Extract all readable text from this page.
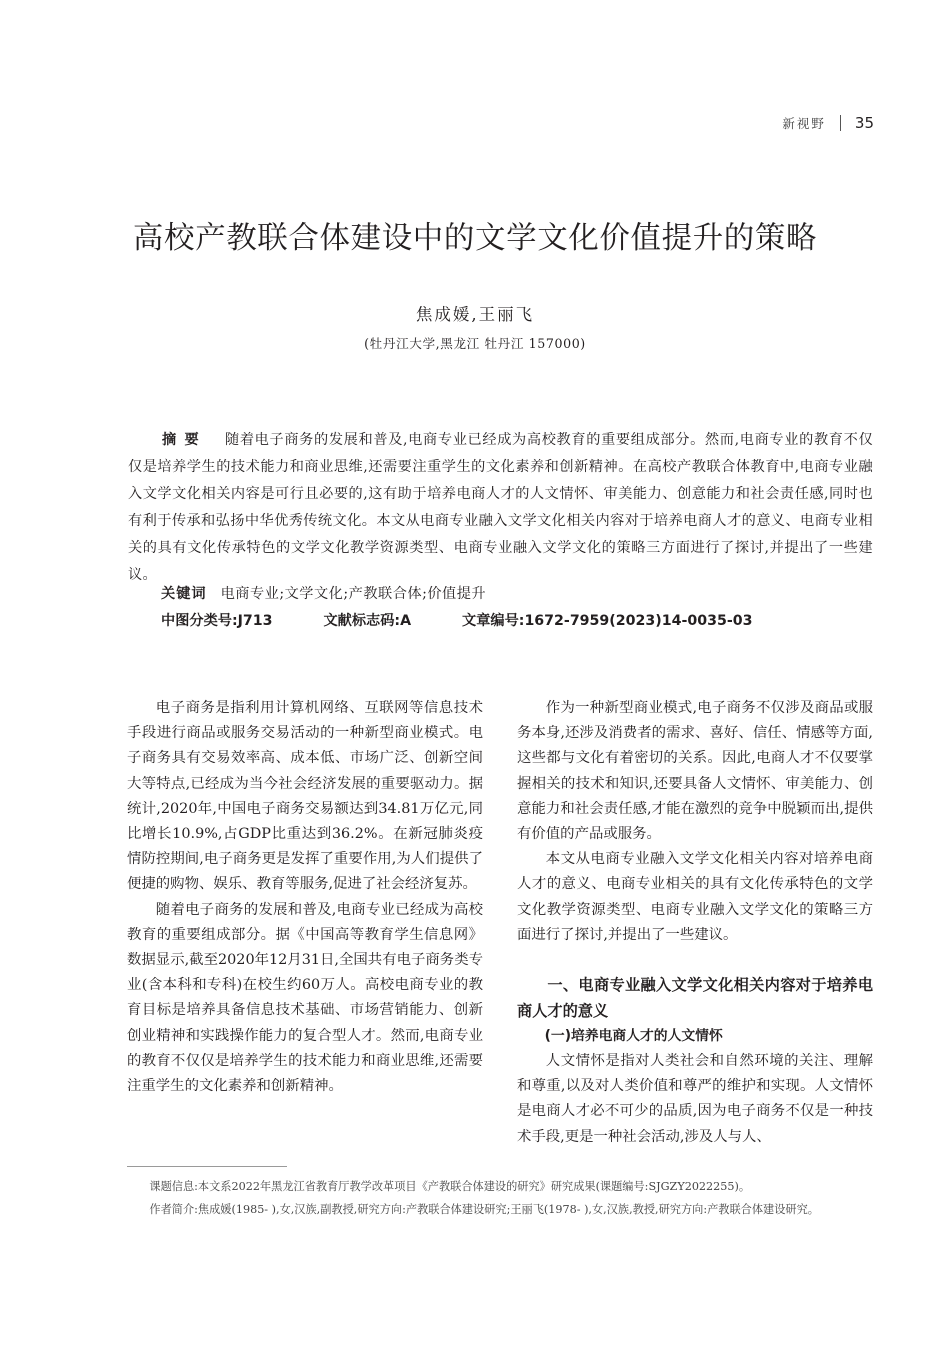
新视野 35
高校产教联合体建设中的文学文化价值提升的策略
焦成媛,王丽飞
(牡丹江大学,黑龙江 牡丹江 157000)
摘要 随着电子商务的发展和普及,电商专业已经成为高校教育的重要组成部分。然而,电商专业的教育不仅仅是培养学生的技术能力和商业思维,还需要注重学生的文化素养和创新精神。在高校产教联合体教育中,电商专业融入文学文化相关内容是可行且必要的,这有助于培养电商人才的人文情怀、审美能力、创意能力和社会责任感,同时也有利于传承和弘扬中华优秀传统文化。本文从电商专业融入文学文化相关内容对于培养电商人才的意义、电商专业相关的具有文化传承特色的文学文化教学资源类型、电商专业融入文学文化的策略三方面进行了探讨,并提出了一些建议。
关键词 电商专业;文学文化;产教联合体;价值提升
中图分类号:J713	文献标志码:A	文章编号:1672-7959(2023)14-0035-03

电子商务是指利用计算机网络、互联网等信息技术手段进行商品或服务交易活动的一种新型商业模式。电子商务具有交易效率高、成本低、市场广泛、创新空间大等特点,已经成为当今社会经济发展的重要驱动力。据统计,2020年,中国电子商务交易额达到34.81万亿元,同比增长10.9%,占GDP比重达到36.2%。在新冠肺炎疫情防控期间,电子商务更是发挥了重要作用,为人们提供了便捷的购物、娱乐、教育等服务,促进了社会经济复苏。

随着电子商务的发展和普及,电商专业已经成为高校教育的重要组成部分。据《中国高等教育学生信息网》数据显示,截至2020年12月31日,全国共有电子商务类专业(含本科和专科)在校生约60万人。高校电商专业的教育目标是培养具备信息技术基础、市场营销能力、创新创业精神和实践操作能力的复合型人才。然而,电商专业的教育不仅仅是培养学生的技术能力和商业思维,还需要注重学生的文化素养和创新精神。

作为一种新型商业模式,电子商务不仅涉及商品或服务本身,还涉及消费者的需求、喜好、信任、情感等方面,这些都与文化有着密切的关系。因此,电商人才不仅要掌握相关的技术和知识,还要具备人文情怀、审美能力、创意能力和社会责任感,才能在激烈的竞争中脱颖而出,提供有价值的产品或服务。

本文从电商专业融入文学文化相关内容对培养电商人才的意义、电商专业相关的具有文化传承特色的文学文化教学资源类型、电商专业融入文学文化的策略三方面进行了探讨,并提出了一些建议。

一、电商专业融入文学文化相关内容对于培养电商人才的意义
(一)培养电商人才的人文情怀

人文情怀是指对人类社会和自然环境的关注、理解和尊重,以及对人类价值和尊严的维护和实现。人文情怀是电商人才必不可少的品质,因为电子商务不仅是一种技术手段,更是一种社会活动,涉及人与人、

课题信息:本文系2022年黑龙江省教育厅教学改革项目《产教联合体建设的研究》研究成果(课题编号:SJGZY2022255)。

作者简介:焦成媛(1985- ),女,汉族,副教授,研究方向:产教联合体建设研究;王丽飞(1978- ),女,汉族,教授,研究方向:产教联合体建设研究。
